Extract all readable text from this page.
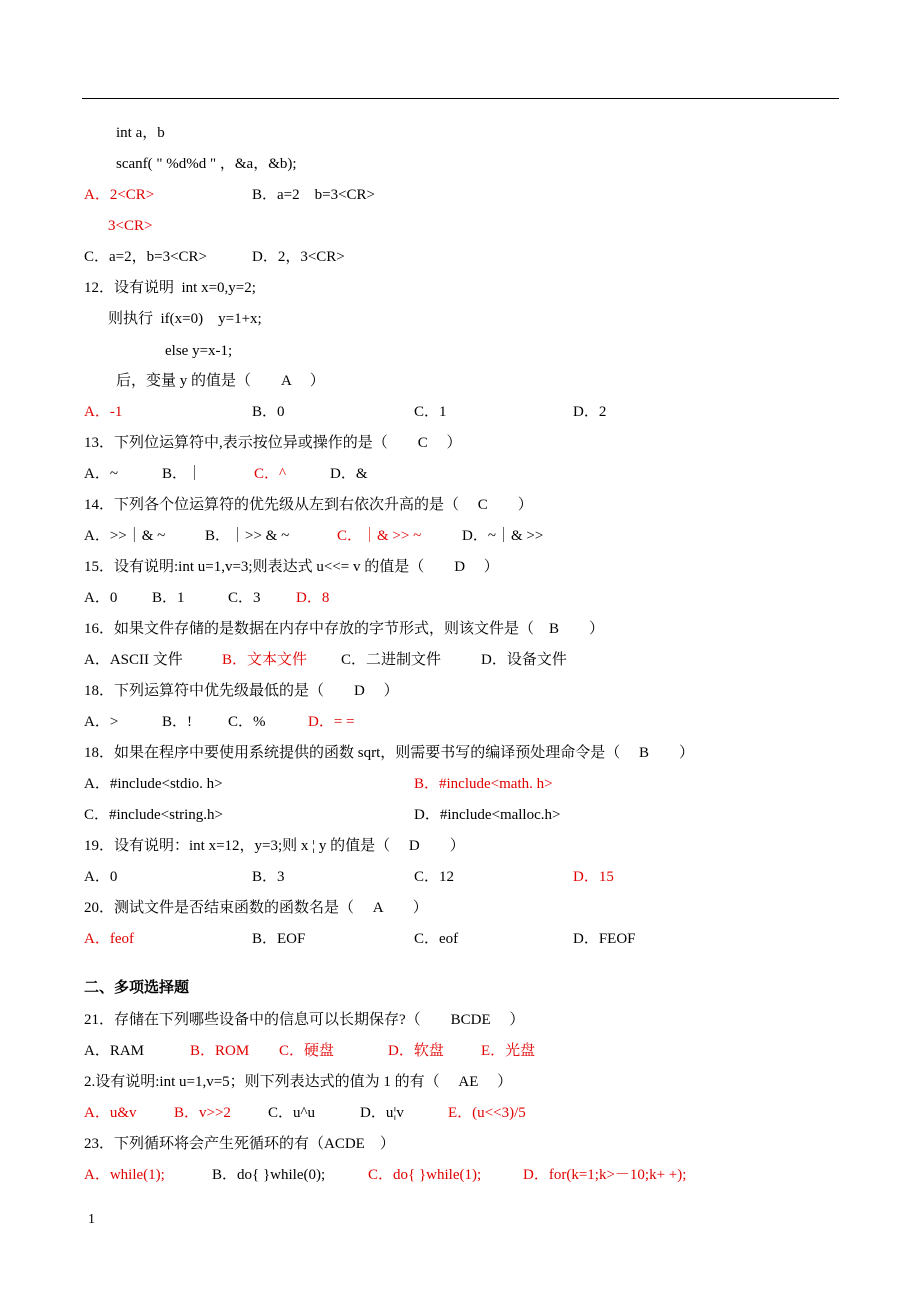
int a，b
scanf( " %d%d " ，&a，&b);
A．2<CR>	B．a=2    b=3<CR>
3<CR>
C．a=2，b=3<CR>	D．2，3<CR>
12．设有说明  int x=0,y=2;
则执行  if(x=0)    y=1+x;
else y=x-1;
后，变量 y 的值是（        A     ）
A．-1	B．0	C．1	D．2
13．下列位运算符中,表示按位异或操作的是（        C     ）
A．~	B．｜	C．^	D．&
14．下列各个位运算符的优先级从左到右依次升高的是（     C        ）
A．>>｜& ~	B．｜>> & ~	C．｜& >> ~	D．~｜& >>
15．设有说明:int u=1,v=3;则表达式 u<<= v 的值是（        D     ）
A．0 B．1	C．3 D．8
16．如果文件存储的是数据在内存中存放的字节形式，则该文件是（    B        ）
A．ASCII 文件	B．文本文件 C．二进制文件	D．设备文件
18．下列运算符中优先级最低的是（        D     ）
A．>	B．! C．%	D．= =
18．如果在程序中要使用系统提供的函数 sqrt，则需要书写的编译预处理命令是（     B        ）
A．#include<stdio. h>	B．#include<math. h>
C．#include<string.h>	D．#include<malloc.h>
19．设有说明：int x=12，y=3;则 x ¦ y 的值是（     D        ）
A．0	B．3	C．12	D．15
20．测试文件是否结束函数的函数名是（     A        ）
A．feof	B．EOF	C．eof	D．FEOF
二、多项选择题
21．存储在下列哪些设备中的信息可以长期保存?（        BCDE     ）
A．RAM	B．ROM C．硬盘	D．软盘 E．光盘
2.设有说明:int u=1,v=5；则下列表达式的值为 1 的有（     AE     ）
A．u&v B．v>>2 C．u^u	D．u¦v	E．(u<<3)/5
23．下列循环将会产生死循环的有（ACDE    ）
A．while(1);	B．do{ }while(0);	C．do{ }while(1);	D．for(k=1;k>－10;k+ +);
1
